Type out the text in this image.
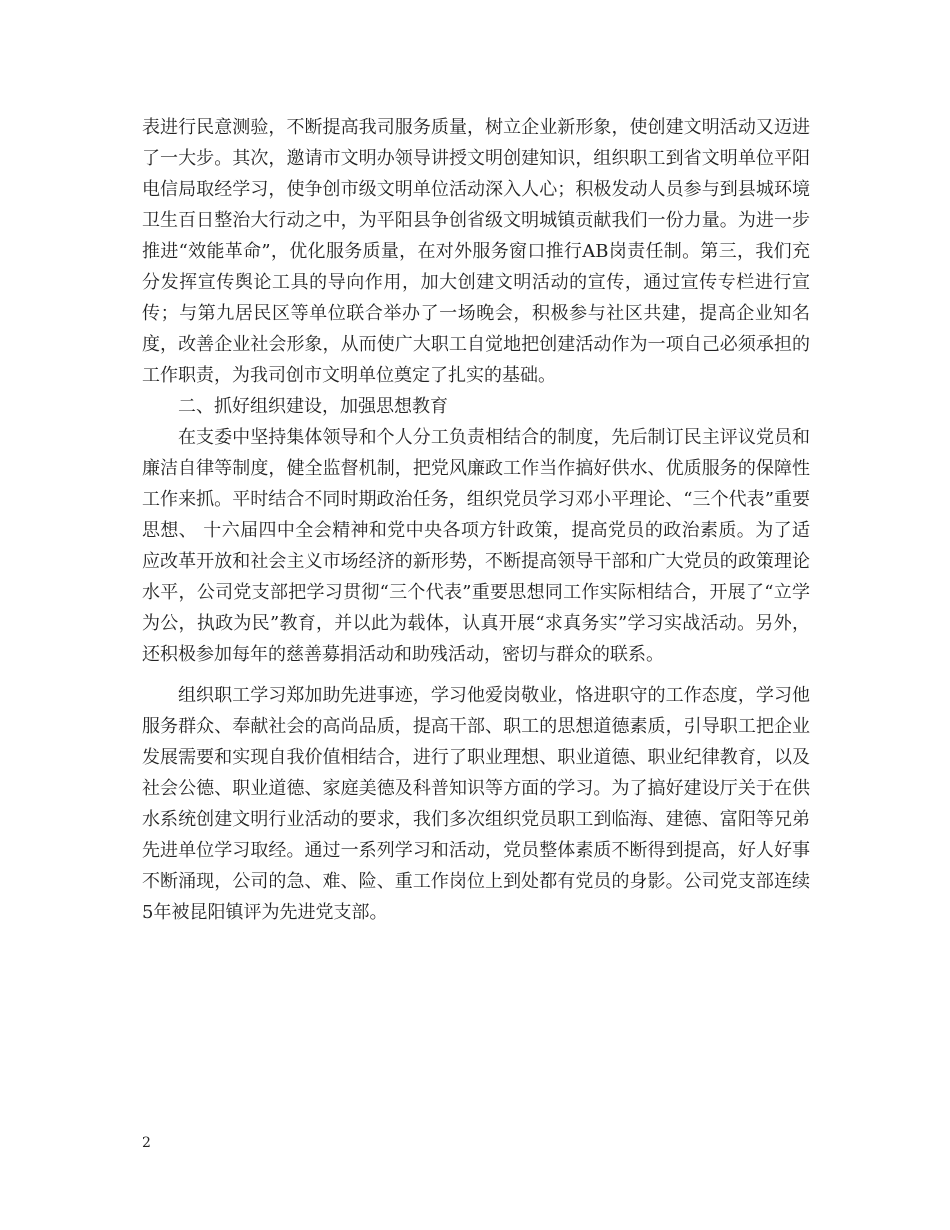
表进行民意测验，不断提高我司服务质量，树立企业新形象，使创建文明活动又迈进了一大步。其次，邀请市文明办领导讲授文明创建知识，组织职工到省文明单位平阳电信局取经学习，使争创市级文明单位活动深入人心；积极发动人员参与到县城环境卫生百日整治大行动之中，为平阳县争创省级文明城镇贡献我们一份力量。为进一步推进“效能革命”，优化服务质量，在对外服务窗口推行AB岗责任制。第三，我们充分发挥宣传舆论工具的导向作用，加大创建文明活动的宣传，通过宣传专栏进行宣传；与第九居民区等单位联合举办了一场晚会，积极参与社区共建，提高企业知名度，改善企业社会形象，从而使广大职工自觉地把创建活动作为一项自己必须承担的工作职责，为我司创市文明单位奠定了扎实的基础。

二、抓好组织建设，加强思想教育

在支委中坚持集体领导和个人分工负责相结合的制度，先后制订民主评议党员和廉洁自律等制度，健全监督机制，把党风廉政工作当作搞好供水、优质服务的保障性工作来抓。平时结合不同时期政治任务，组织党员学习邓小平理论、“三个代表”重要思想、 十六届四中全会精神和党中央各项方针政策，提高党员的政治素质。为了适应改革开放和社会主义市场经济的新形势，不断提高领导干部和广大党员的政策理论水平，公司党支部把学习贯彻“三个代表”重要思想同工作实际相结合，开展了“立学为公，执政为民”教育，并以此为载体，认真开展“求真务实”学习实战活动。另外，还积极参加每年的慈善募捐活动和助残活动，密切与群众的联系。

组织职工学习郑加助先进事迹，学习他爱岗敬业，恪进职守的工作态度，学习他服务群众、奉献社会的高尚品质，提高干部、职工的思想道德素质，引导职工把企业发展需要和实现自我价值相结合，进行了职业理想、职业道德、职业纪律教育，以及社会公德、职业道德、家庭美德及科普知识等方面的学习。为了搞好建设厅关于在供水系统创建文明行业活动的要求，我们多次组织党员职工到临海、建德、富阳等兄弟先进单位学习取经。通过一系列学习和活动，党员整体素质不断得到提高，好人好事不断涌现，公司的急、难、险、重工作岗位上到处都有党员的身影。公司党支部连续5年被昆阳镇评为先进党支部。

2
